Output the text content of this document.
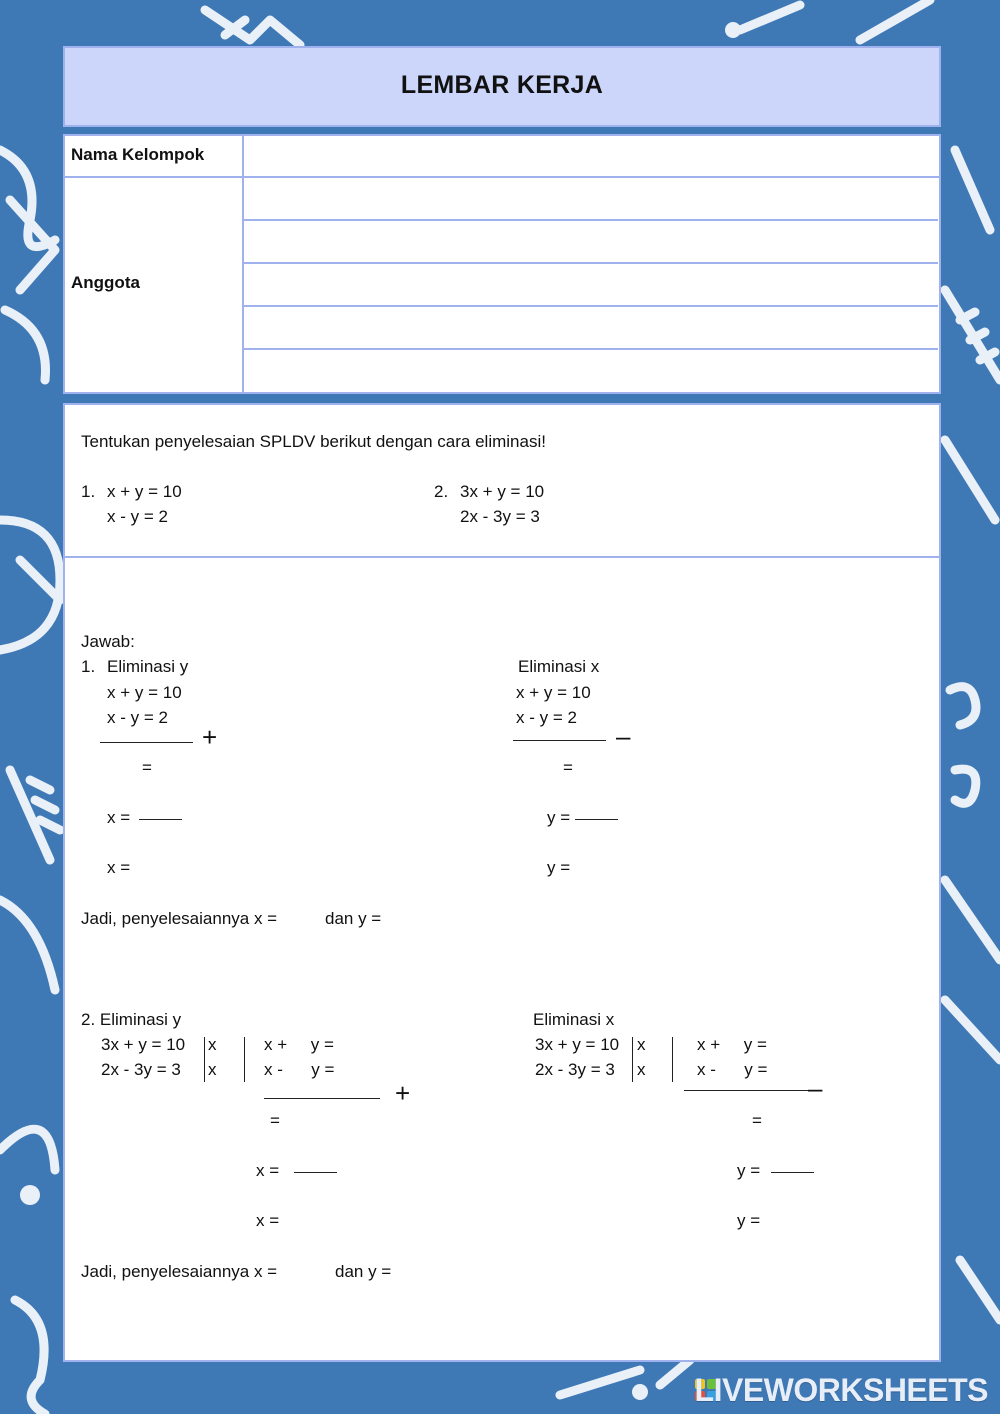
LEMBAR KERJA
Nama Kelompok
Anggota
Tentukan penyelesaian SPLDV berikut dengan cara eliminasi!
1. x + y = 10
x - y = 2
2. 3x + y = 10
2x - 3y = 3
Jawab:
1. Eliminasi y
x + y = 10
x - y = 2
+
=
x =
x =
Eliminasi x
x + y = 10
x - y = 2
–
=
y =
y =
Jadi, penyelesaiannya x =	dan y =
2. Eliminasi y
3x + y = 10
2x - 3y = 3
x
x
x +     y =
x -      y =
+
=
x =
x =
Eliminasi x
3x + y = 10
2x - 3y = 3
x
x
x +     y =
x -      y =
–
=
y =
y =
Jadi, penyelesaiannya x =	dan y =
LIVEWORKSHEETS
